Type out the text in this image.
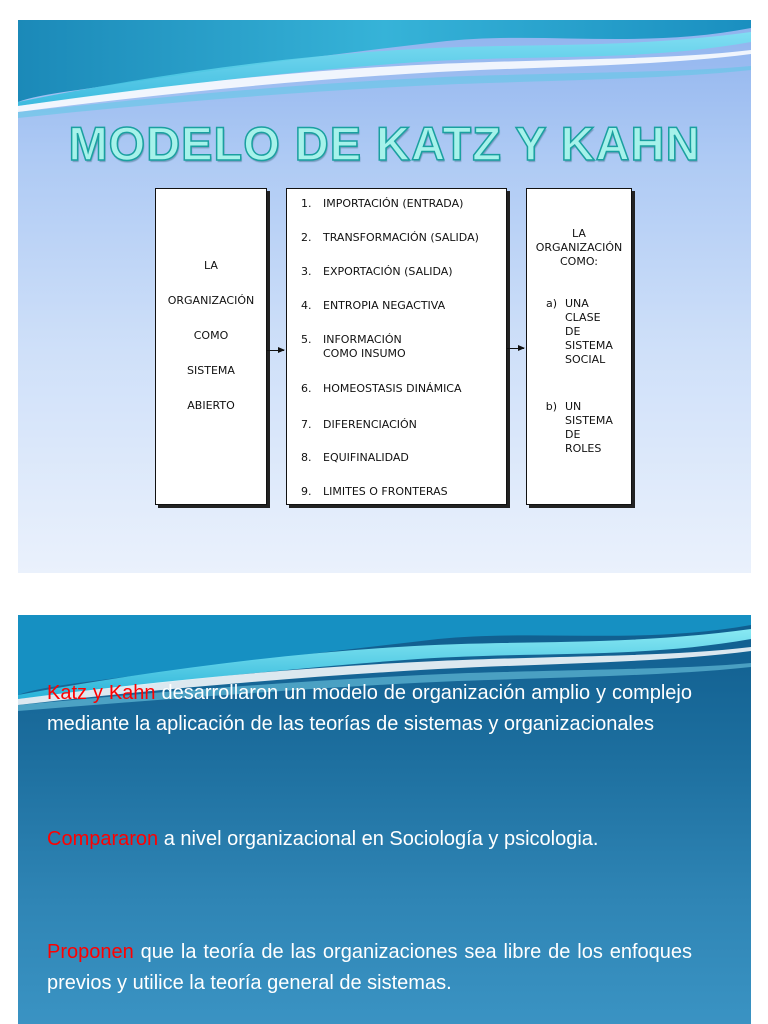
MODELO DE KATZ Y KAHN
LA
ORGANIZACIÓN
COMO
SISTEMA
ABIERTO
1.	IMPORTACIÓN (ENTRADA)
2.	TRANSFORMACIÓN (SALIDA)
3.	EXPORTACIÓN (SALIDA)
4.	ENTROPIA NEGACTIVA
5.	INFORMACIÓN COMO INSUMO
6.	HOMEOSTASIS DINÁMICA
7.	DIFERENCIACIÓN
8.	EQUIFINALIDAD
9.	LIMITES O FRONTERAS
LA
ORGANIZACIÓN
COMO:
a) UNA
CLASE
DE
SISTEMA
SOCIAL
b) UN
SISTEMA
DE
ROLES

Katz y Kahn desarrollaron un modelo de organización amplio y complejo mediante la aplicación de las teorías de sistemas y organizacionales

Compararon a nivel organizacional en Sociología y psicologia.

Proponen que la teoría de las organizaciones sea libre de los enfoques previos y utilice la teoría general de sistemas.
